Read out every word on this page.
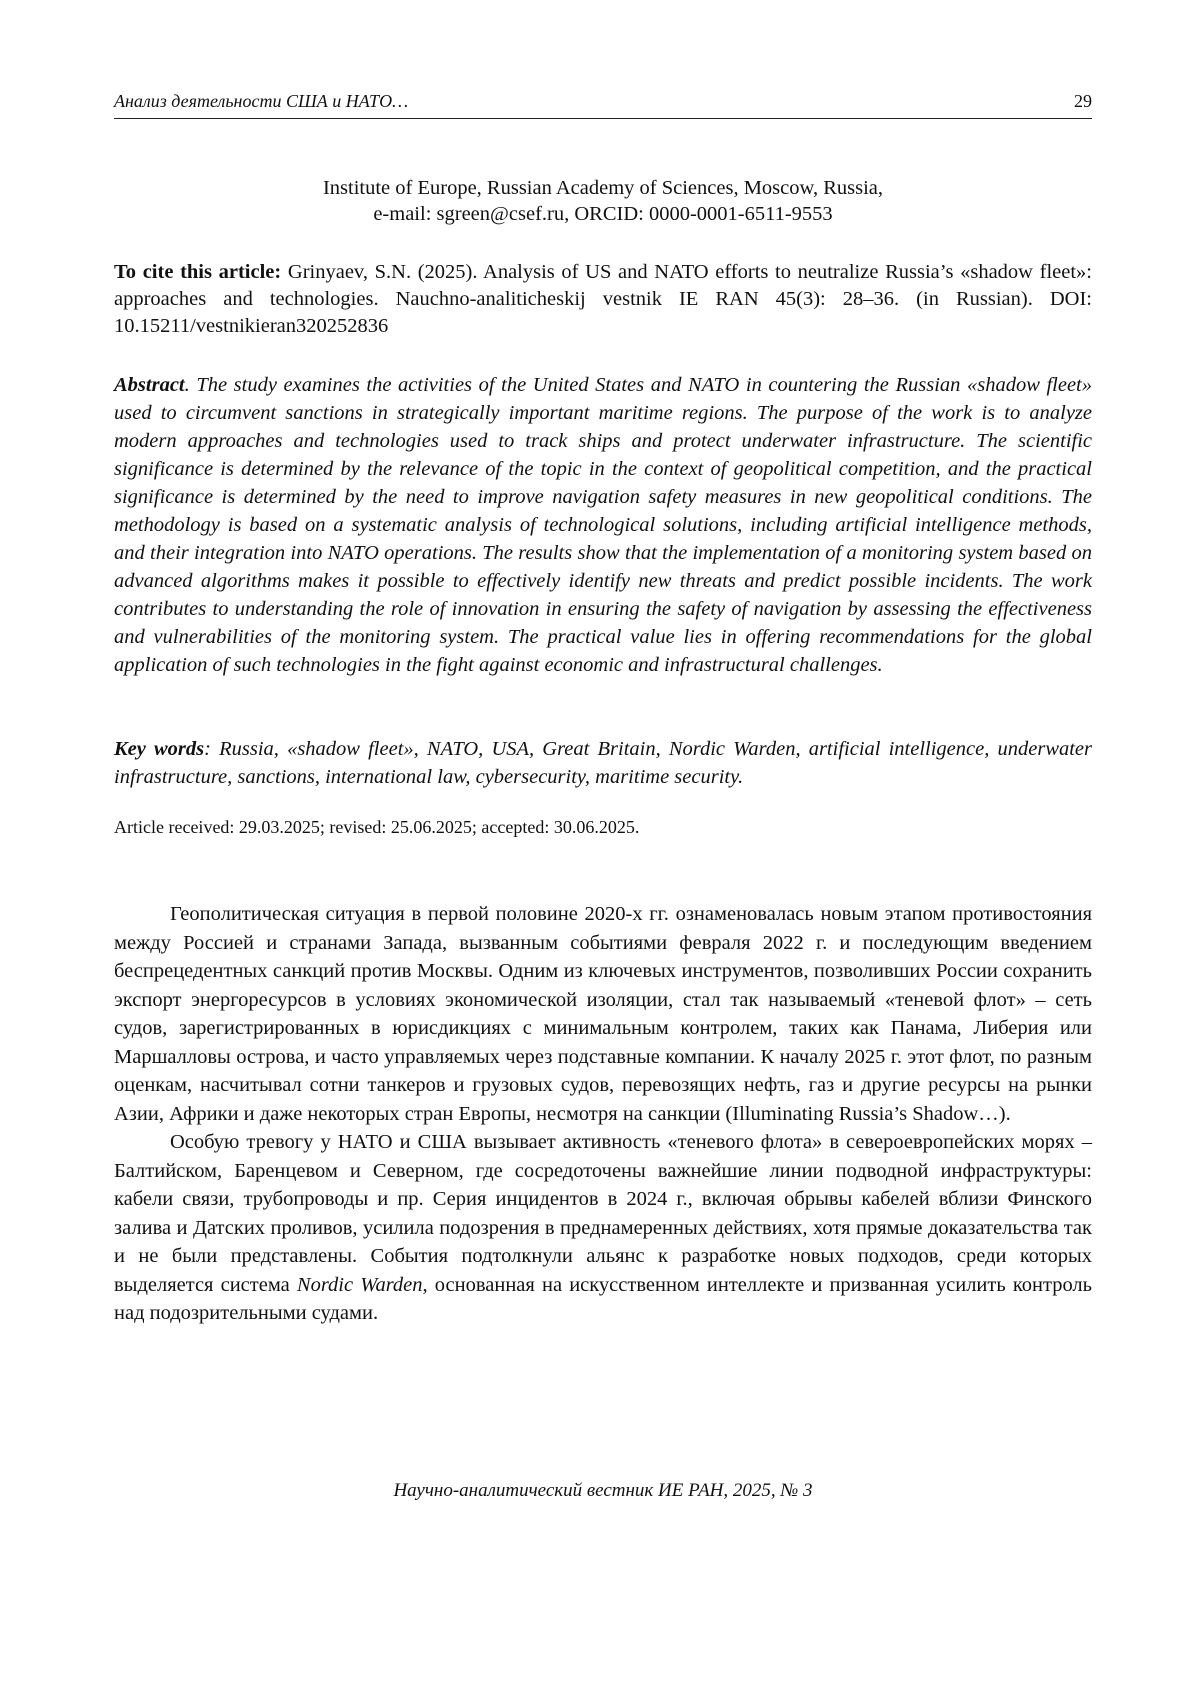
Анализ деятельности США и НАТО…	29
Institute of Europe, Russian Academy of Sciences, Moscow, Russia,
e-mail: sgreen@csef.ru, ORCID: 0000-0001-6511-9553
To cite this article: Grinyaev, S.N. (2025). Analysis of US and NATO efforts to neutralize Russia’s «shadow fleet»: approaches and technologies. Nauchno-analiticheskij vestnik IE RAN 45(3): 28–36. (in Russian). DOI: 10.15211/vestnikieran320252836
Abstract. The study examines the activities of the United States and NATO in countering the Russian «shadow fleet» used to circumvent sanctions in strategically important maritime regions. The purpose of the work is to analyze modern approaches and technologies used to track ships and protect underwater infrastructure. The scientific significance is determined by the relevance of the topic in the context of geopolitical competition, and the practical significance is determined by the need to improve navigation safety measures in new geopolitical conditions. The methodology is based on a systematic analysis of technological solutions, including artificial intelligence methods, and their integration into NATO operations. The results show that the implementation of a monitoring system based on advanced algorithms makes it possible to effectively identify new threats and predict possible incidents. The work contributes to understanding the role of innovation in ensuring the safety of navigation by assessing the effectiveness and vulnerabilities of the monitoring system. The practical value lies in offering recommendations for the global application of such technologies in the fight against economic and infrastructural challenges.
Key words: Russia, «shadow fleet», NATO, USA, Great Britain, Nordic Warden, artificial intelligence, underwater infrastructure, sanctions, international law, cybersecurity, maritime security.
Article received: 29.03.2025; revised: 25.06.2025; accepted: 30.06.2025.

Геополитическая ситуация в первой половине 2020-х гг. ознаменовалась новым этапом противостояния между Россией и странами Запада, вызванным событиями февраля 2022 г. и последующим введением беспрецедентных санкций против Москвы. Одним из ключевых инструментов, позволивших России сохранить экспорт энергоресурсов в условиях экономической изоляции, стал так называемый «теневой флот» – сеть судов, зарегистрированных в юрисдикциях с минимальным контролем, таких как Панама, Либерия или Маршалловы острова, и часто управляемых через подставные компании. К началу 2025 г. этот флот, по разным оценкам, насчитывал сотни танкеров и грузовых судов, перевозящих нефть, газ и другие ресурсы на рынки Азии, Африки и даже некоторых стран Европы, несмотря на санкции (Illuminating Russia’s Shadow…).

Особую тревогу у НАТО и США вызывает активность «теневого флота» в североевропейских морях – Балтийском, Баренцевом и Северном, где сосредоточены важнейшие линии подводной инфраструктуры: кабели связи, трубопроводы и пр. Серия инцидентов в 2024 г., включая обрывы кабелей вблизи Финского залива и Датских проливов, усилила подозрения в преднамеренных действиях, хотя прямые доказательства так и не были представлены. События подтолкнули альянс к разработке новых подходов, среди которых выделяется система Nordic Warden, основанная на искусственном интеллекте и призванная усилить контроль над подозрительными судами.

Научно-аналитический вестник ИЕ РАН, 2025, № 3
